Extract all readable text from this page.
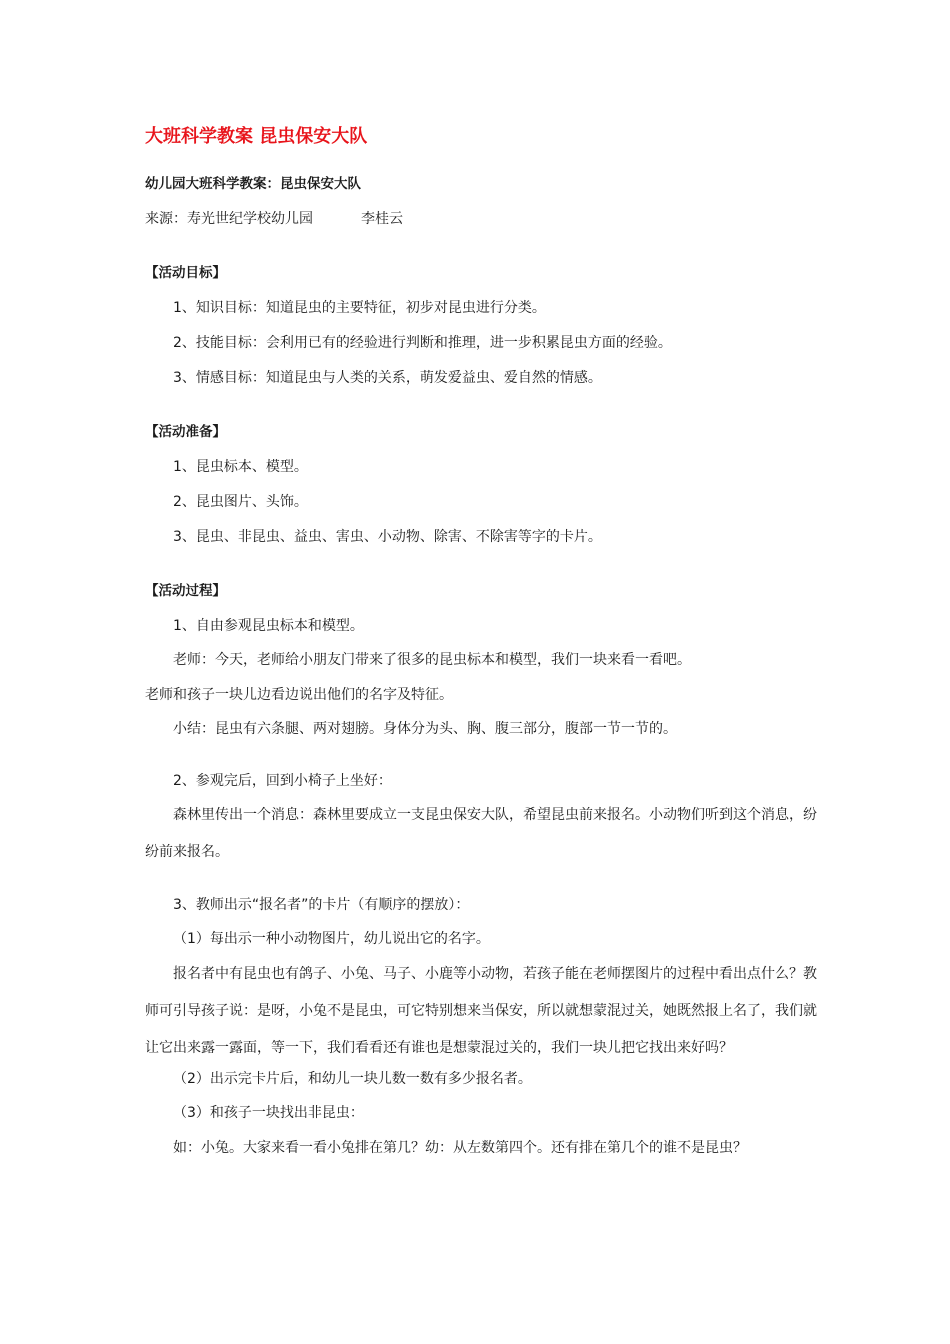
大班科学教案 昆虫保安大队

幼儿园大班科学教案：昆虫保安大队

来源：寿光世纪学校幼儿园	李桂云

【活动目标】

1、知识目标：知道昆虫的主要特征，初步对昆虫进行分类。

2、技能目标：会利用已有的经验进行判断和推理，进一步积累昆虫方面的经验。

3、情感目标：知道昆虫与人类的关系，萌发爱益虫、爱自然的情感。

【活动准备】

1、昆虫标本、模型。

2、昆虫图片、头饰。

3、昆虫、非昆虫、益虫、害虫、小动物、除害、不除害等字的卡片。

【活动过程】

1、自由参观昆虫标本和模型。

老师：今天，老师给小朋友门带来了很多的昆虫标本和模型，我们一块来看一看吧。

老师和孩子一块儿边看边说出他们的名字及特征。

小结：昆虫有六条腿、两对翅膀。身体分为头、胸、腹三部分，腹部一节一节的。

2、参观完后，回到小椅子上坐好：

森林里传出一个消息：森林里要成立一支昆虫保安大队，希望昆虫前来报名。小动物们听到这个消息，纷纷前来报名。

3、教师出示“报名者”的卡片（有顺序的摆放）：

（1）每出示一种小动物图片，幼儿说出它的名字。

报名者中有昆虫也有鸽子、小兔、马子、小鹿等小动物，若孩子能在老师摆图片的过程中看出点什么？教师可引导孩子说：是呀，小兔不是昆虫，可它特别想来当保安，所以就想蒙混过关，她既然报上名了，我们就让它出来露一露面，等一下，我们看看还有谁也是想蒙混过关的，我们一块儿把它找出来好吗？

（2）出示完卡片后，和幼儿一块儿数一数有多少报名者。

（3）和孩子一块找出非昆虫：

如：小兔。大家来看一看小兔排在第几？幼：从左数第四个。还有排在第几个的谁不是昆虫？
